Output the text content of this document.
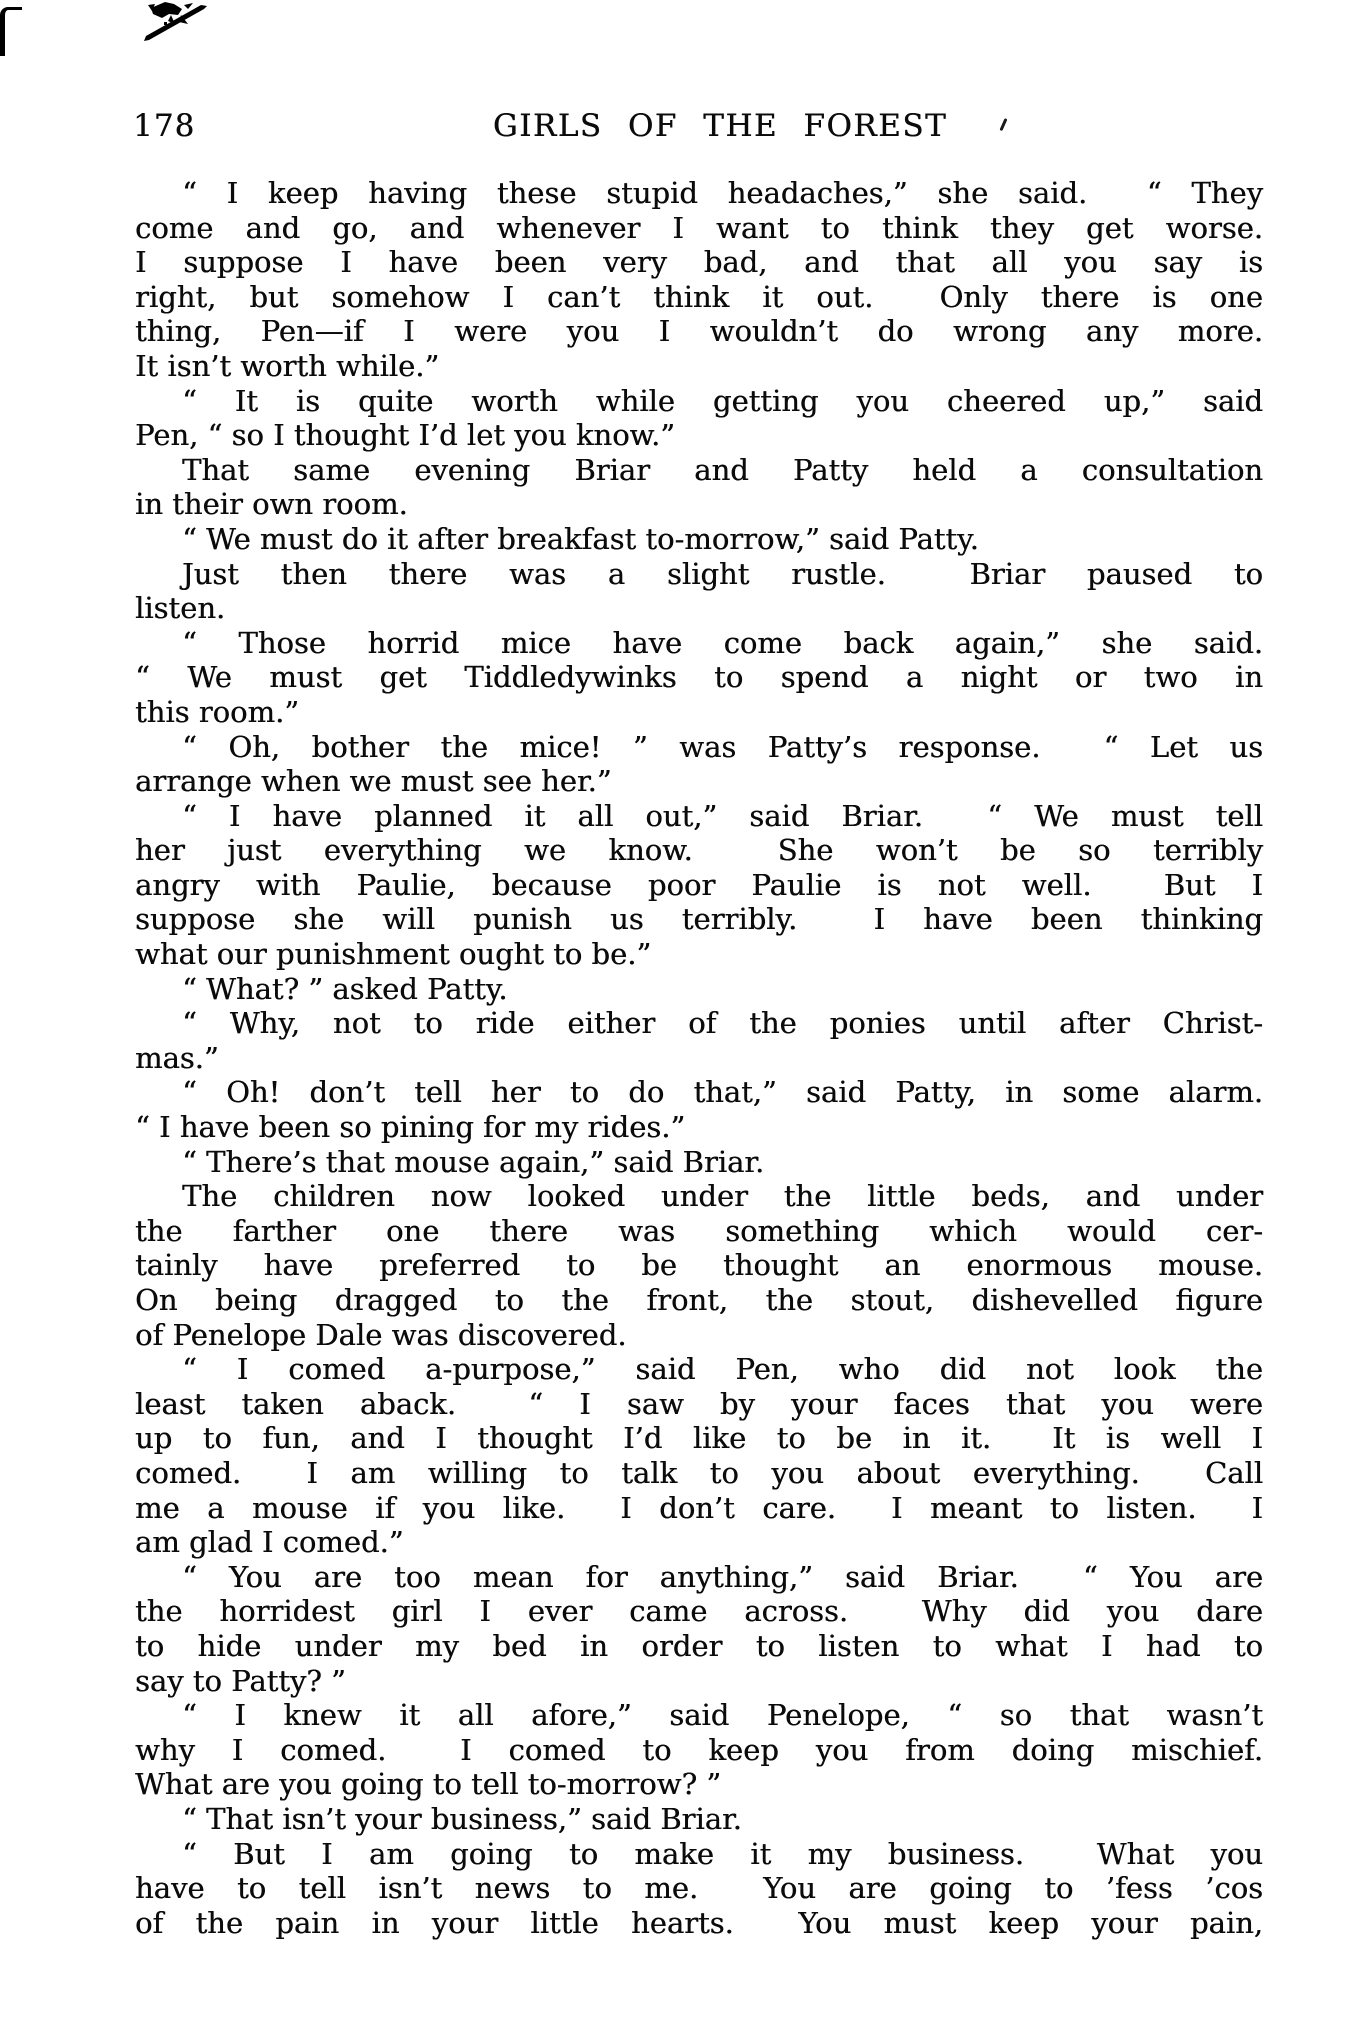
178	GIRLS OF THE FOREST
“ I keep having these stupid headaches,” she said.  “ They
come and go, and whenever I want to think they get worse.
I suppose I have been very bad, and that all you say is
right, but somehow I can’t think it out.  Only there is one
thing, Pen—if I were you I wouldn’t do wrong any more.
It isn’t worth while.”
“ It is quite worth while getting you cheered up,” said
Pen, “ so I thought I’d let you know.”
That same evening Briar and Patty held a consultation
in their own room.
“ We must do it after breakfast to-morrow,” said Patty.
Just then there was a slight rustle.  Briar paused to
listen.
“ Those horrid mice have come back again,” she said.
“ We must get Tiddledywinks to spend a night or two in
this room.”
“ Oh, bother the mice! ” was Patty’s response.  “ Let us
arrange when we must see her.”
“ I have planned it all out,” said Briar.  “ We must tell
her just everything we know.  She won’t be so terribly
angry with Paulie, because poor Paulie is not well.  But I
suppose she will punish us terribly.  I have been thinking
what our punishment ought to be.”
“ What? ” asked Patty.
“ Why, not to ride either of the ponies until after Christ-
mas.”
“ Oh! don’t tell her to do that,” said Patty, in some alarm.
“ I have been so pining for my rides.”
“ There’s that mouse again,” said Briar.
The children now looked under the little beds, and under
the farther one there was something which would cer-
tainly have preferred to be thought an enormous mouse.
On being dragged to the front, the stout, dishevelled figure
of Penelope Dale was discovered.
“ I comed a-purpose,” said Pen, who did not look the
least taken aback.  “ I saw by your faces that you were
up to fun, and I thought I’d like to be in it.  It is well I
comed.  I am willing to talk to you about everything.  Call
me a mouse if you like.  I don’t care.  I meant to listen.  I
am glad I comed.”
“ You are too mean for anything,” said Briar.  “ You are
the horridest girl I ever came across.  Why did you dare
to hide under my bed in order to listen to what I had to
say to Patty? ”
“ I knew it all afore,” said Penelope, “ so that wasn’t
why I comed.  I comed to keep you from doing mischief.
What are you going to tell to-morrow? ”
“ That isn’t your business,” said Briar.
“ But I am going to make it my business.  What you
have to tell isn’t news to me.  You are going to ’fess ’cos
of the pain in your little hearts.  You must keep your pain,
